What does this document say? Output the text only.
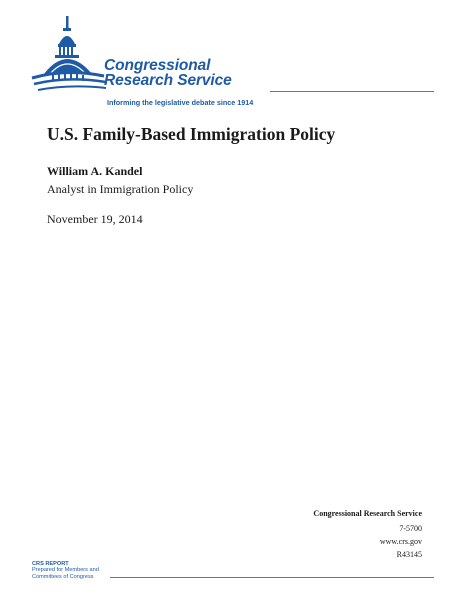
Congressional
Research Service
Informing the legislative debate since 1914
U.S. Family-Based Immigration Policy
William A. Kandel
Analyst in Immigration Policy
November 19, 2014
Congressional Research Service
7-5700
www.crs.gov
R43145
CRS REPORT
Prepared for Members and
Committees of Congress
